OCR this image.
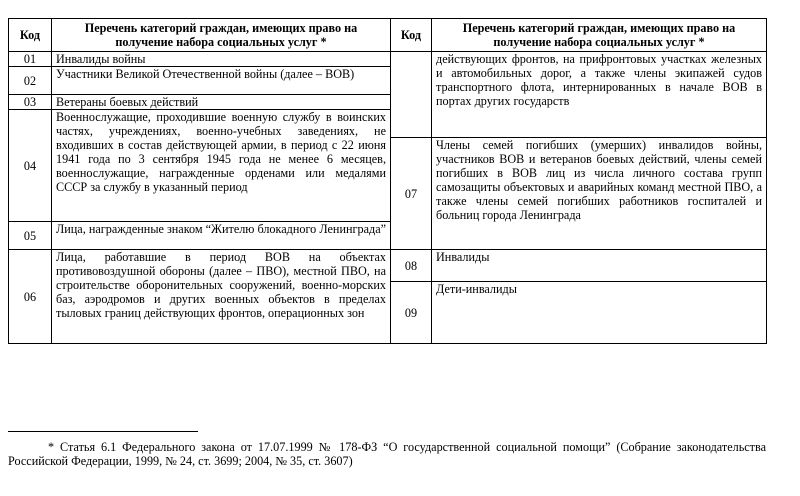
Код	Перечень категорий граждан, имеющих право на получение набора социальных услуг *	Код	Перечень категорий граждан, имеющих право на получение набора социальных услуг *
01	Инвалиды войны		действующих фронтов, на прифронтовых участках железных и автомобильных дорог, а также члены экипажей судов транспортного флота, интернированных в начале ВОВ в портах других государств
02	Участники Великой Отечественной войны (далее – ВОВ)		
03	Ветераны боевых действий		
04	Военнослужащие, проходившие военную службу в воинских частях, учреждениях, военно-учебных заведениях, не входивших в состав действующей армии, в период с 22 июня 1941 года по 3 сентября 1945 года не менее 6 месяцев, военнослужащие, награжденные орденами или медалями СССР за службу в указанный период		
		07	Члены семей погибших (умерших) инвалидов войны, участников ВОВ и ветеранов боевых действий, члены семей погибших в ВОВ лиц из числа личного состава групп самозащиты объектовых и аварийных команд местной ПВО, а также члены семей погибших работников госпиталей и больниц города Ленинграда
05	Лица, награжденные знаком “Жителю блокадного Ленинграда”		
06	Лица, работавшие в период ВОВ на объектах противовоздушной обороны (далее – ПВО), местной ПВО, на строительстве оборонительных сооружений, военно-морских баз, аэродромов и других военных объектов в пределах тыловых границ действующих фронтов, операционных зон	08	Инвалиды
		09	Дети-инвалиды
* Статья 6.1 Федерального закона от 17.07.1999 № 178-ФЗ “О государственной социальной помощи” (Собрание законодательства Российской Федерации, 1999, № 24, ст. 3699; 2004, № 35, ст. 3607)
